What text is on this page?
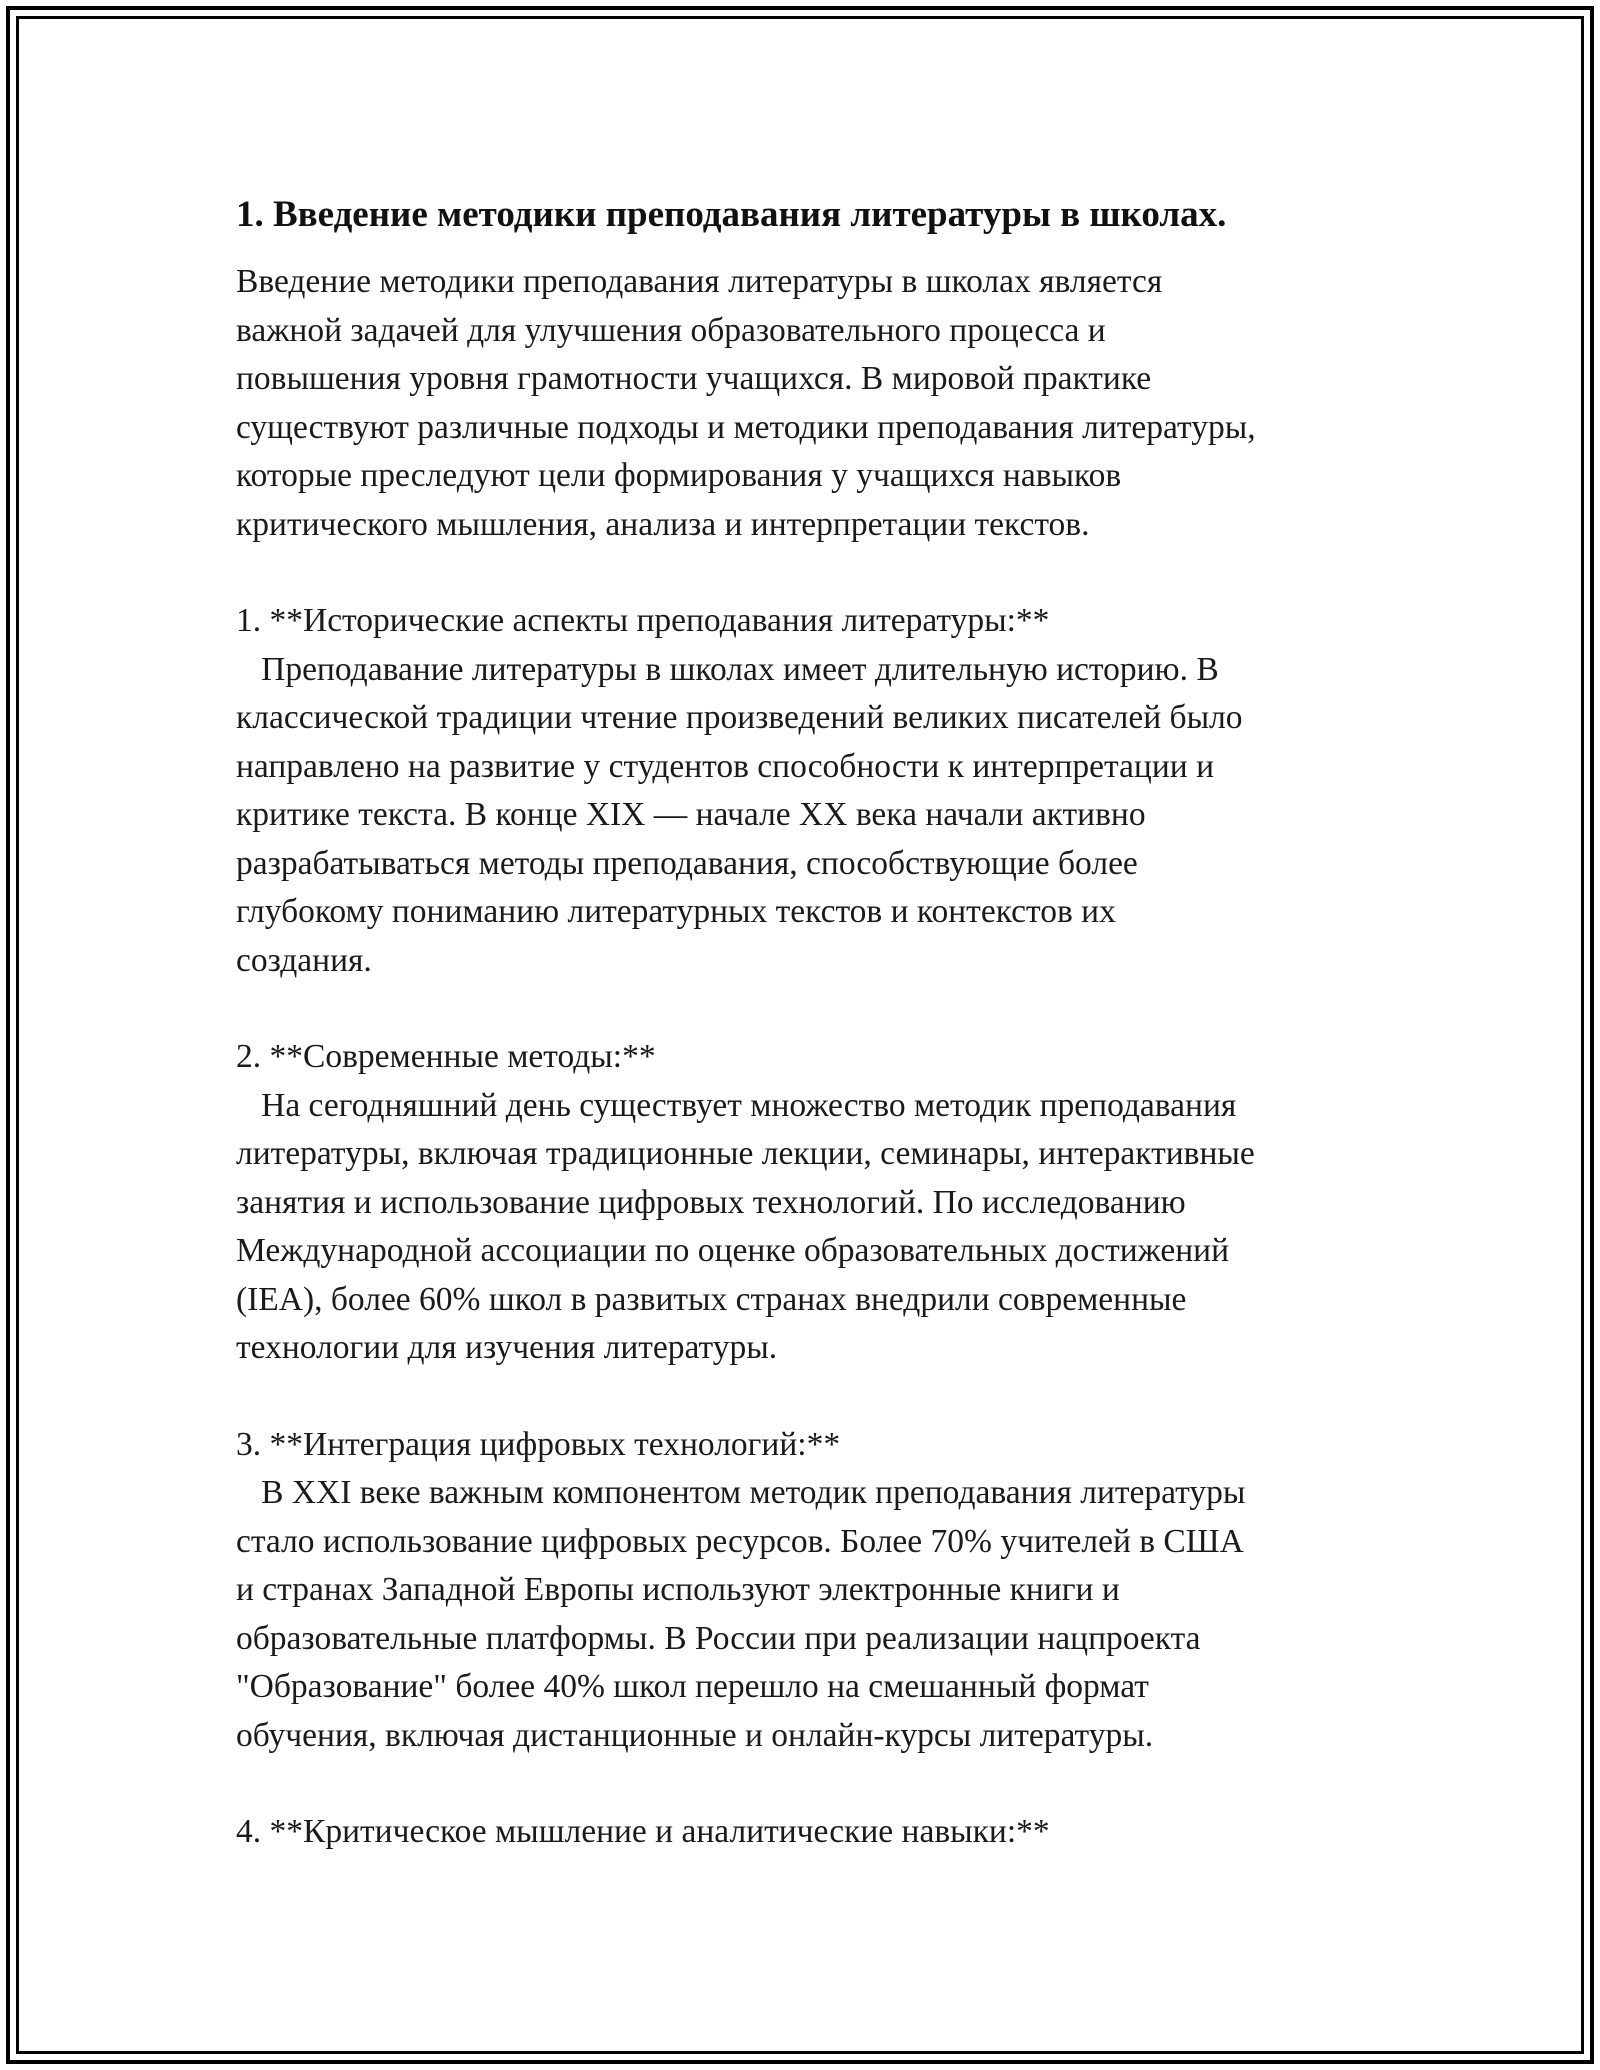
1. Введение методики преподавания литературы в школах.
Введение методики преподавания литературы в школах является
важной задачей для улучшения образовательного процесса и
повышения уровня грамотности учащихся. В мировой практике
существуют различные подходы и методики преподавания литературы,
которые преследуют цели формирования у учащихся навыков
критического мышления, анализа и интерпретации текстов.
1. **Исторические аспекты преподавания литературы:**
Преподавание литературы в школах имеет длительную историю. В
классической традиции чтение произведений великих писателей было
направлено на развитие у студентов способности к интерпретации и
критике текста. В конце XIX — начале XX века начали активно
разрабатываться методы преподавания, способствующие более
глубокому пониманию литературных текстов и контекстов их
создания.
2. **Современные методы:**
На сегодняшний день существует множество методик преподавания
литературы, включая традиционные лекции, семинары, интерактивные
занятия и использование цифровых технологий. По исследованию
Международной ассоциации по оценке образовательных достижений
(IEA), более 60% школ в развитых странах внедрили современные
технологии для изучения литературы.
3. **Интеграция цифровых технологий:**
В XXI веке важным компонентом методик преподавания литературы
стало использование цифровых ресурсов. Более 70% учителей в США
и странах Западной Европы используют электронные книги и
образовательные платформы. В России при реализации нацпроекта
"Образование" более 40% школ перешло на смешанный формат
обучения, включая дистанционные и онлайн-курсы литературы.
4. **Критическое мышление и аналитические навыки:**
